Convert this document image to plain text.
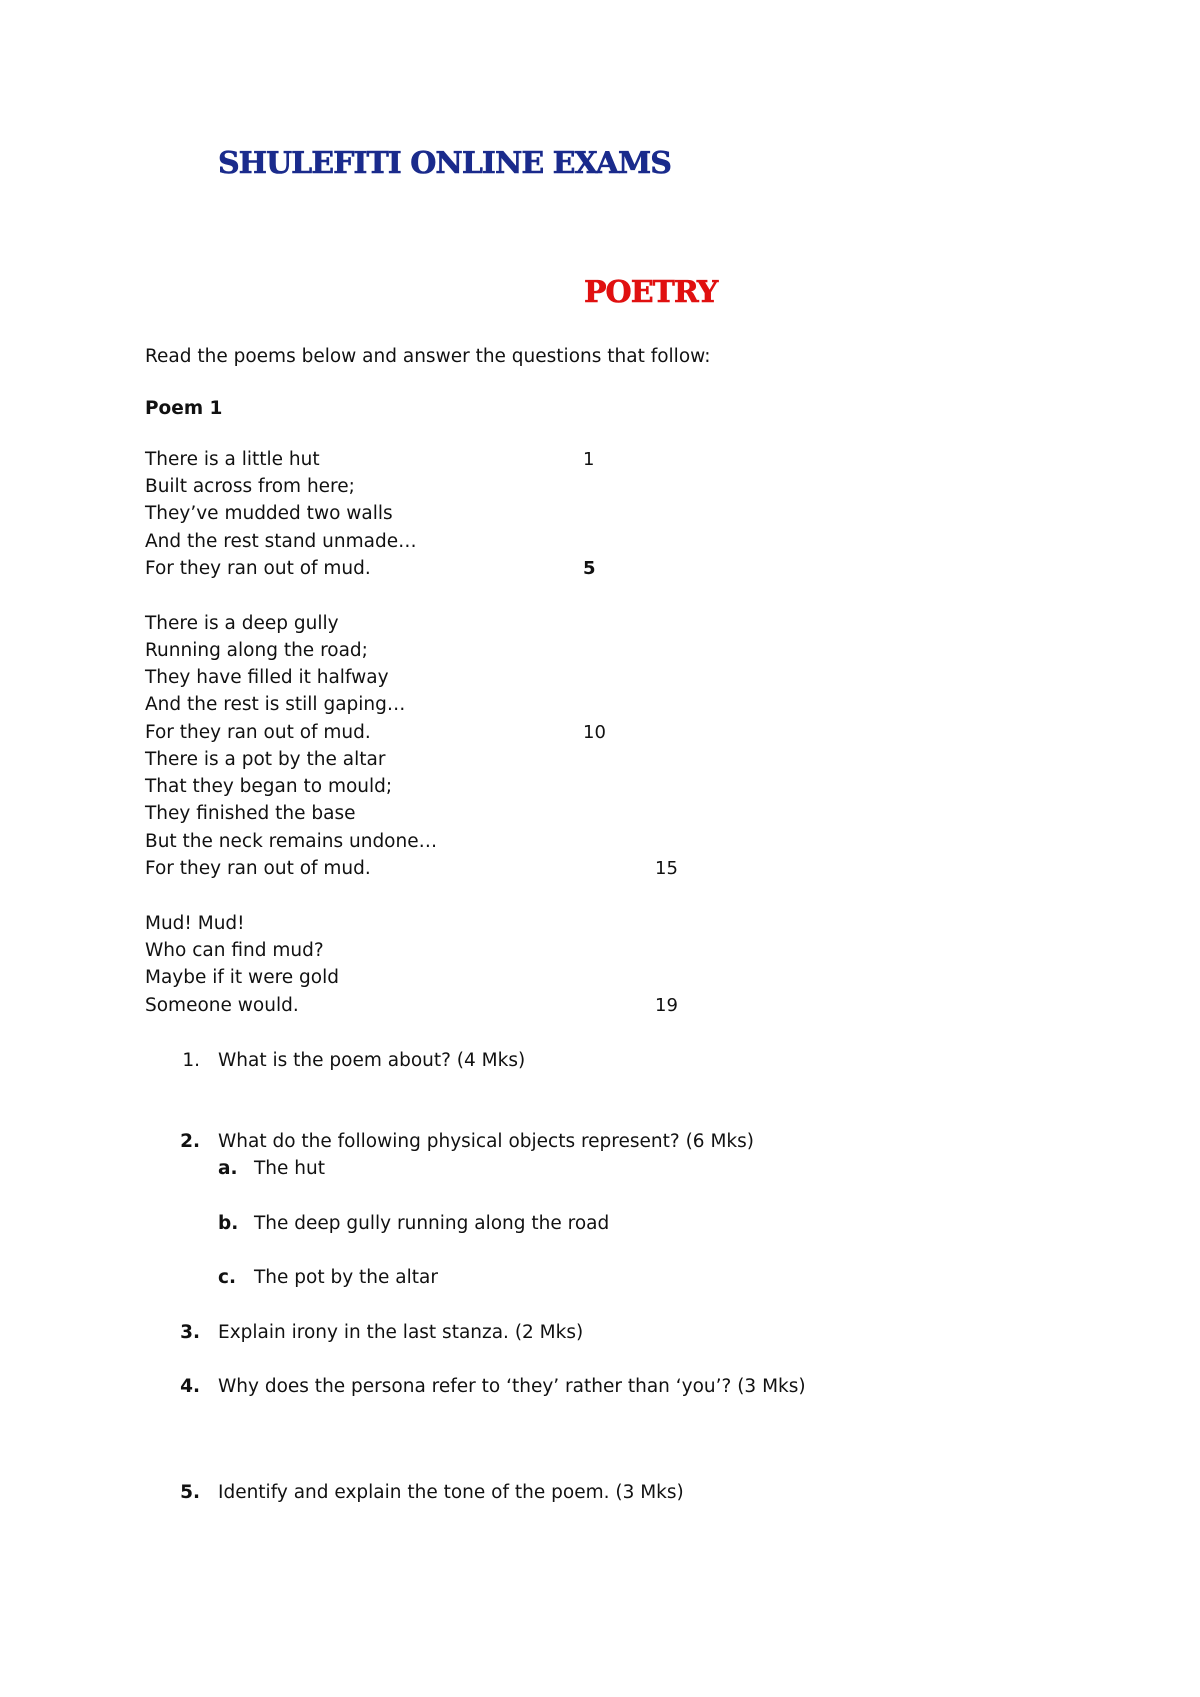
SHULEFITI ONLINE EXAMS
POETRY
Read the poems below and answer the questions that follow:
Poem 1
There is a little hut
Built across from here;
They’ve mudded two walls
And the rest stand unmade…
For they ran out of mud.
There is a deep gully
Running along the road;
They have filled it halfway
And the rest is still gaping…
For they ran out of mud.
There is a pot by the altar
That they began to mould;
They finished the base
But the neck remains undone…
For they ran out of mud.
Mud! Mud!
Who can find mud?
Maybe if it were gold
Someone would.
1
5
10
15
19
1. What is the poem about? (4 Mks)
2. What do the following physical objects represent? (6 Mks)
a. The hut
b. The deep gully running along the road
c. The pot by the altar
3. Explain irony in the last stanza. (2 Mks)
4. Why does the persona refer to ‘they’ rather than ‘you’? (3 Mks)
5. Identify and explain the tone of the poem. (3 Mks)
